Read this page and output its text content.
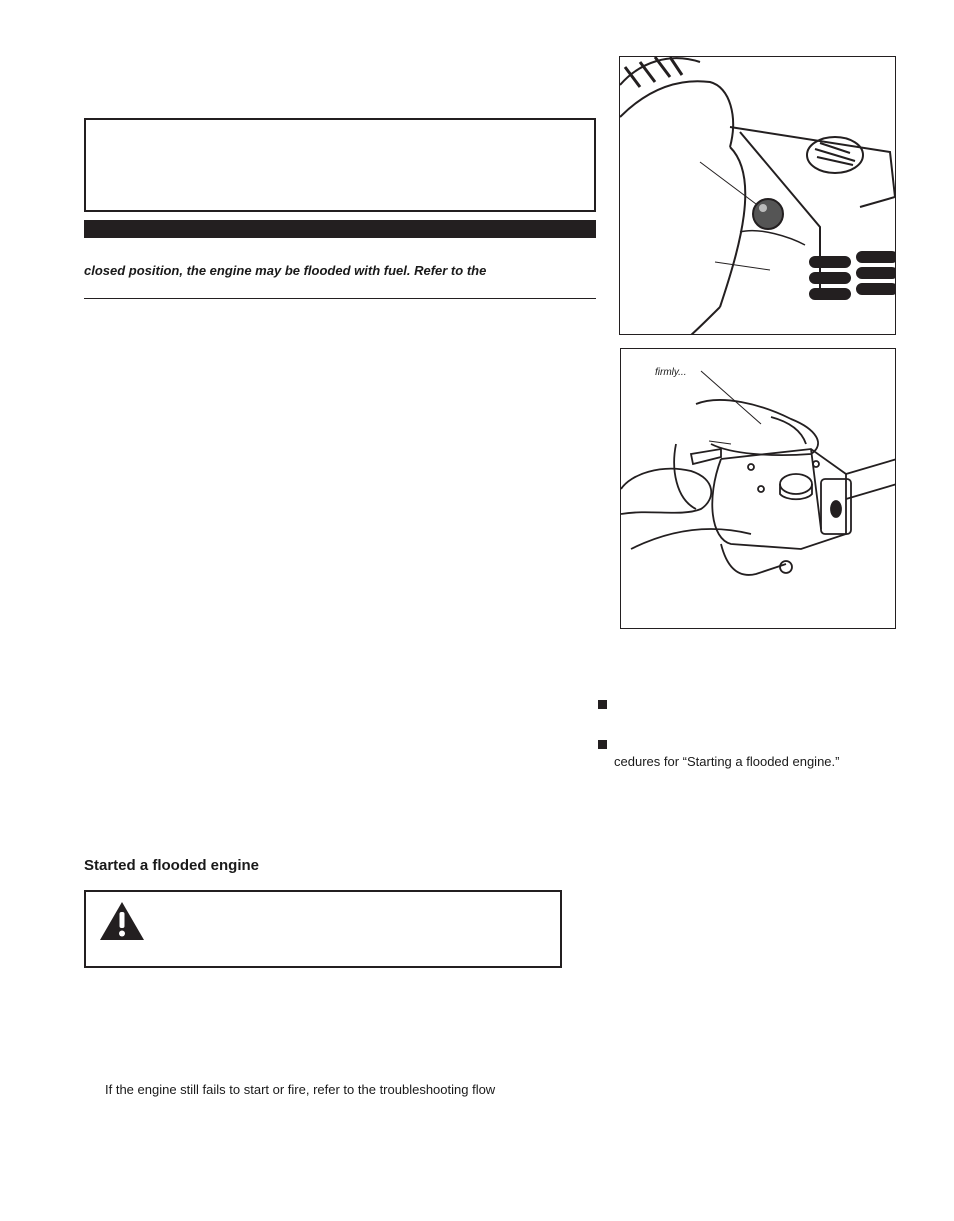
closed position, the engine may be flooded with fuel. Refer to the
Started a flooded engine
If the engine still fails to start or fire, refer to the troubleshooting flow
firmly...
cedures for “Starting a flooded engine.”
